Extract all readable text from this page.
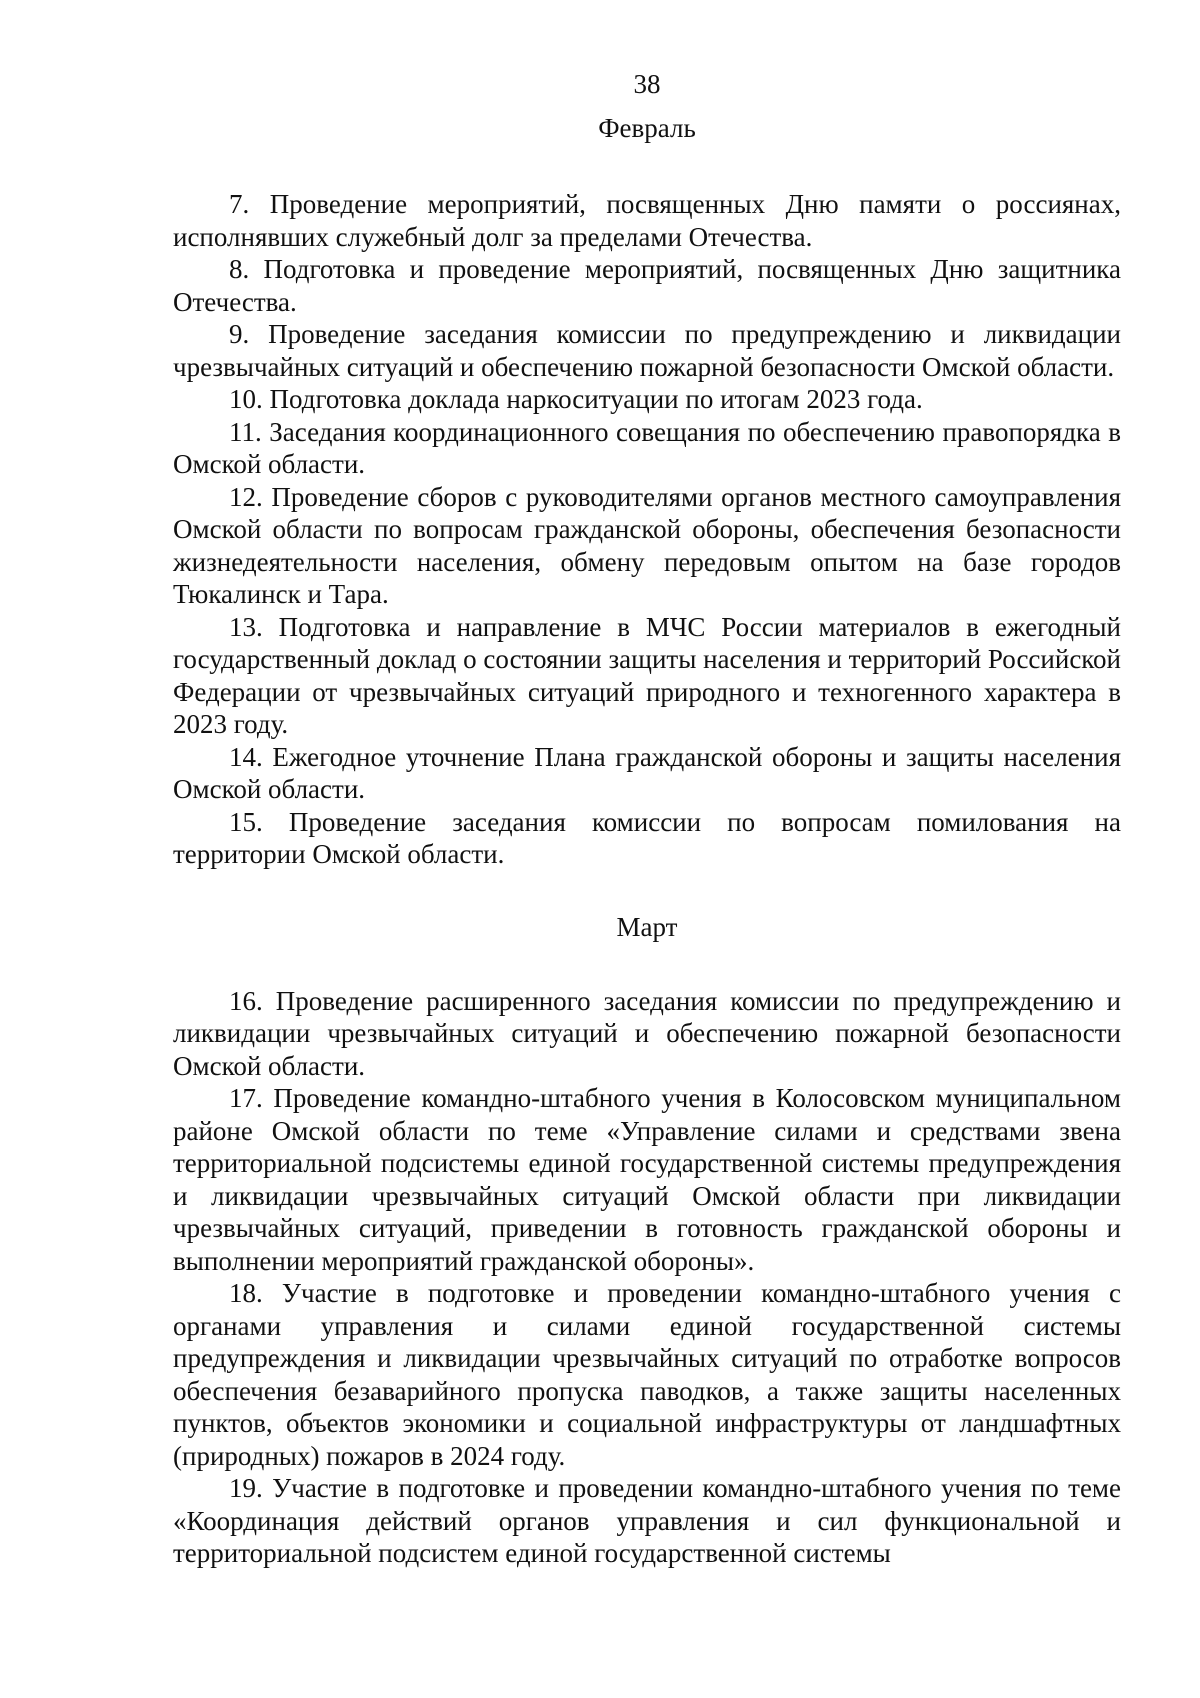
38
Февраль

7. Проведение мероприятий, посвященных Дню памяти о россиянах, исполнявших служебный долг за пределами Отечества.

8. Подготовка и проведение мероприятий, посвященных Дню защитника Отечества.

9. Проведение заседания комиссии по предупреждению и ликвидации чрезвычайных ситуаций и обеспечению пожарной безопасности Омской области.

10. Подготовка доклада наркоситуации по итогам 2023 года.

11. Заседания координационного совещания по обеспечению правопорядка в Омской области.

12. Проведение сборов с руководителями органов местного самоуправления Омской области по вопросам гражданской обороны, обеспечения безопасности жизнедеятельности населения, обмену передовым опытом на базе городов Тюкалинск и Тара.

13. Подготовка и направление в МЧС России материалов в ежегодный государственный доклад о состоянии защиты населения и территорий Российской Федерации от чрезвычайных ситуаций природного и техногенного характера в 2023 году.

14. Ежегодное уточнение Плана гражданской обороны и защиты населения Омской области.

15. Проведение заседания комиссии по вопросам помилования на территории Омской области.

Март

16. Проведение расширенного заседания комиссии по предупреждению и ликвидации чрезвычайных ситуаций и обеспечению пожарной безопасности Омской области.

17. Проведение командно-штабного учения в Колосовском муниципальном районе Омской области по теме «Управление силами и средствами звена территориальной подсистемы единой государственной системы предупреждения и ликвидации чрезвычайных ситуаций Омской области при ликвидации чрезвычайных ситуаций, приведении в готовность гражданской обороны и выполнении мероприятий гражданской обороны».

18. Участие в подготовке и проведении командно-штабного учения с органами управления и силами единой государственной системы предупреждения и ликвидации чрезвычайных ситуаций по отработке вопросов обеспечения безаварийного пропуска паводков, а также защиты населенных пунктов, объектов экономики и социальной инфраструктуры от ландшафтных (природных) пожаров в 2024 году.

19. Участие в подготовке и проведении командно-штабного учения по теме «Координация действий органов управления и сил функциональной и территориальной подсистем единой государственной системы
